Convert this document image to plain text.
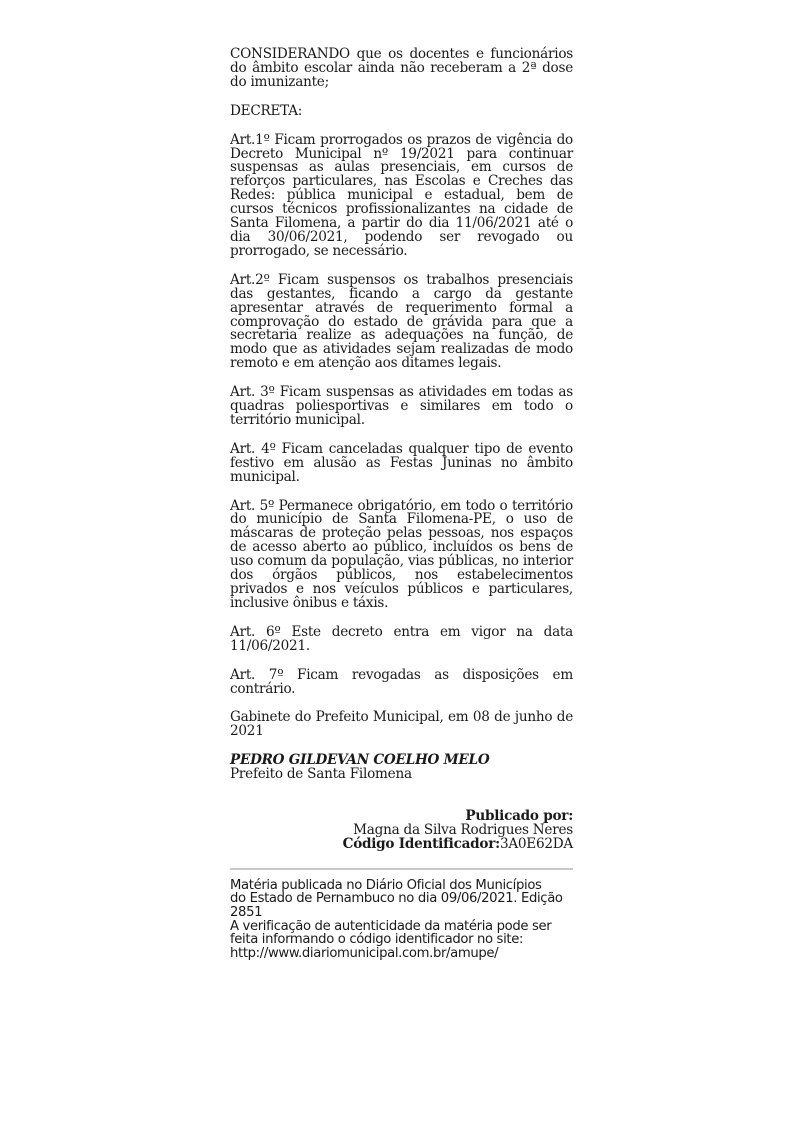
CONSIDERANDO que os docentes e funcionários do âmbito escolar ainda não receberam a 2ª dose do imunizante;

DECRETA:

Art.1º Ficam prorrogados os prazos de vigência do Decreto Municipal nº 19/2021 para continuar suspensas as aulas presenciais, em cursos de reforços particulares, nas Escolas e Creches das Redes: pública municipal e estadual, bem de cursos técnicos profissionalizantes na cidade de Santa Filomena, a partir do dia 11/06/2021 até o dia 30/06/2021, podendo ser revogado ou prorrogado, se necessário.

Art.2º Ficam suspensos os trabalhos presenciais das gestantes, ficando a cargo da gestante apresentar através de requerimento formal a comprovação do estado de grávida para que a secretaria realize as adequações na função, de modo que as atividades sejam realizadas de modo remoto e em atenção aos ditames legais.

Art. 3º Ficam suspensas as atividades em todas as quadras poliesportivas e similares em todo o território municipal.

Art. 4º Ficam canceladas qualquer tipo de evento festivo em alusão as Festas Juninas no âmbito municipal.

Art. 5º Permanece obrigatório, em todo o território do município de Santa Filomena-PE, o uso de máscaras de proteção pelas pessoas, nos espaços de acesso aberto ao público, incluídos os bens de uso comum da população, vias públicas, no interior dos órgãos públicos, nos estabelecimentos privados e nos veículos públicos e particulares, inclusive ônibus e táxis.

Art. 6º Este decreto entra em vigor na data 11/06/2021.

Art. 7º Ficam revogadas as disposições em contrário.

Gabinete do Prefeito Municipal, em 08 de junho de 2021

PEDRO GILDEVAN COELHO MELO
Prefeito de Santa Filomena
Publicado por:
Magna da Silva Rodrigues Neres
Código Identificador:3A0E62DA
Matéria publicada no Diário Oficial dos Municípios
do Estado de Pernambuco no dia 09/06/2021. Edição
2851
A verificação de autenticidade da matéria pode ser
feita informando o código identificador no site:
http://www.diariomunicipal.com.br/amupe/
